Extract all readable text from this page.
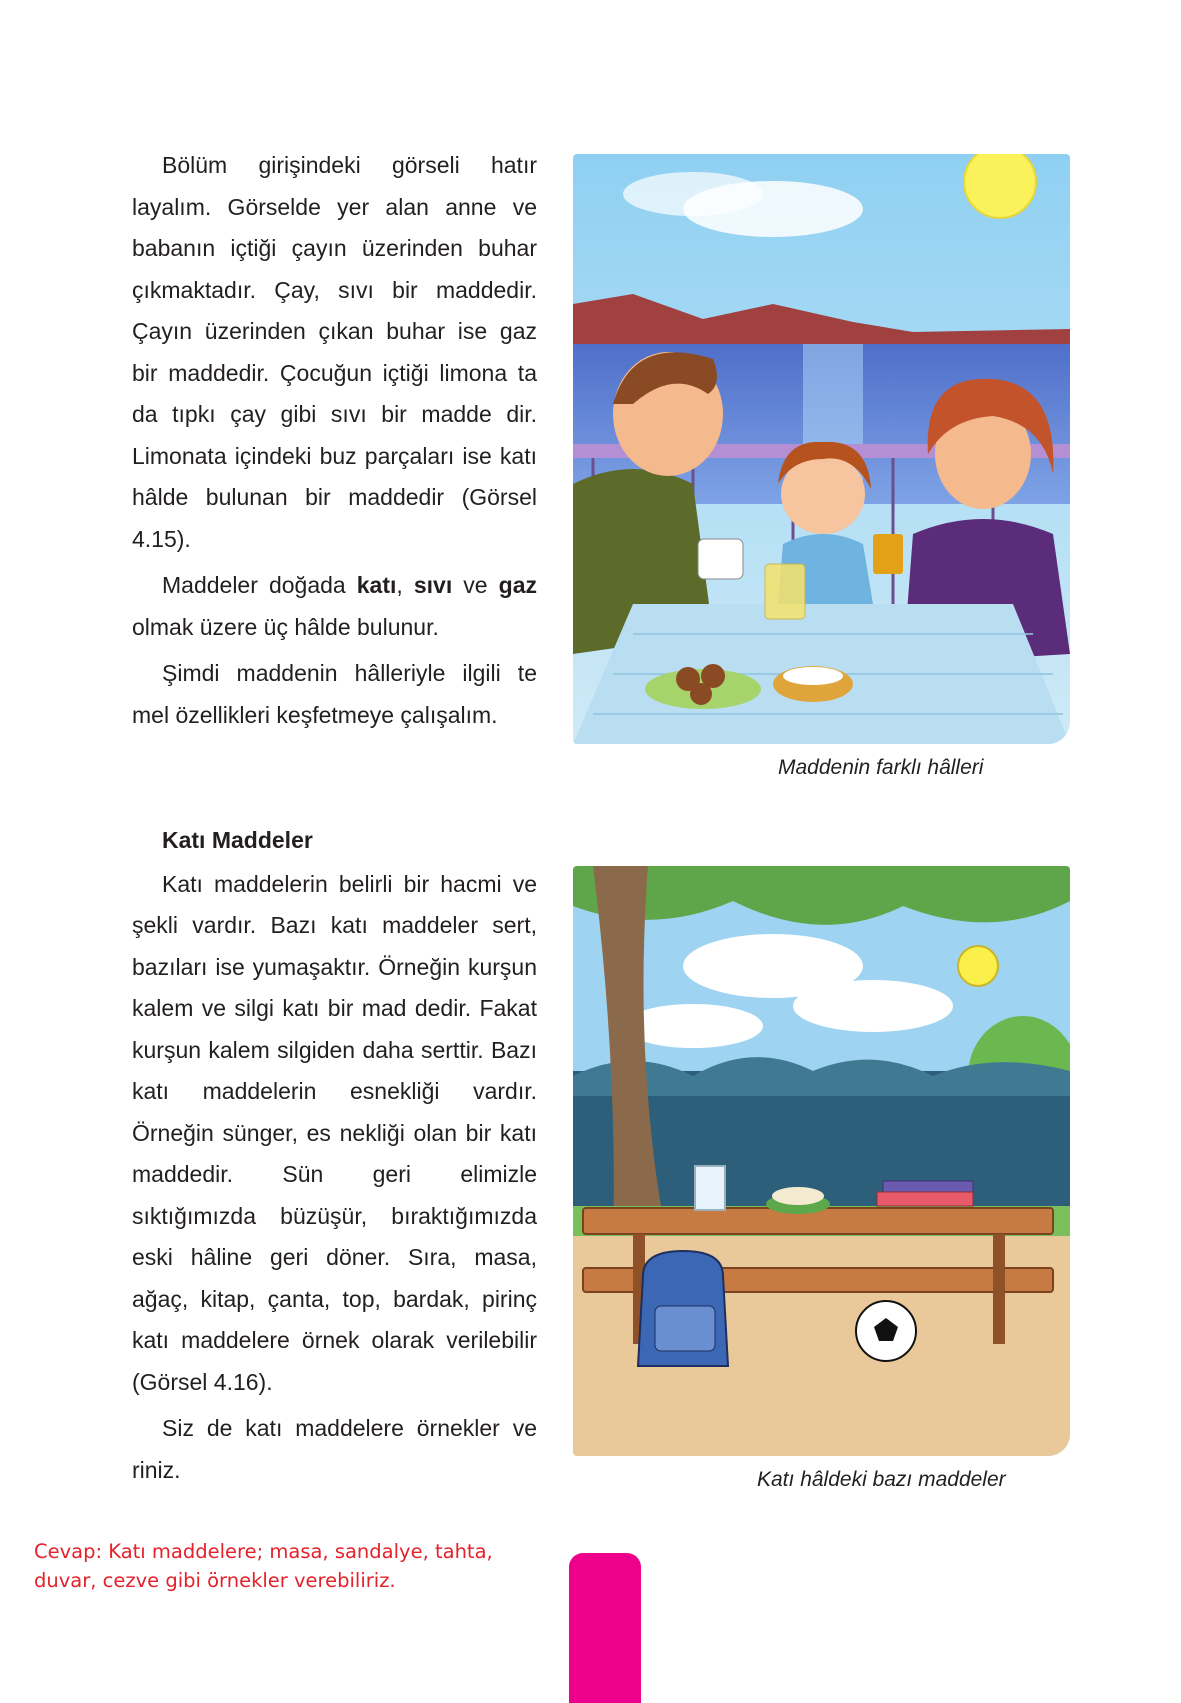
Bölüm girişindeki görseli hatır layalım. Görselde yer alan anne ve babanın içtiği çayın üzerinden buhar çıkmaktadır. Çay, sıvı bir maddedir. Çayın üzerinden çıkan buhar ise gaz bir maddedir. Çocuğun içtiği limona ta da tıpkı çay gibi sıvı bir madde dir. Limonata içindeki buz parçaları ise katı hâlde bulunan bir maddedir (Görsel 4.15).

Maddeler doğada katı, sıvı ve gaz olmak üzere üç hâlde bulunur.

Şimdi maddenin hâlleriyle ilgili te mel özellikleri keşfetmeye çalışalım.

Maddenin farklı hâlleri
Katı Maddeler

Katı maddelerin belirli bir hacmi ve şekli vardır. Bazı katı maddeler sert, bazıları ise yumaşaktır. Örneğin kurşun kalem ve silgi katı bir mad dedir. Fakat kurşun kalem silgiden daha serttir. Bazı katı maddelerin esnekliği vardır. Örneğin sünger, es nekliği olan bir katı maddedir. Sün geri elimizle sıktığımızda büzüşür, bıraktığımızda eski hâline geri döner. Sıra, masa, ağaç, kitap, çanta, top, bardak, pirinç katı maddelere örnek olarak verilebilir (Görsel 4.16).

Siz de katı maddelere örnekler ve riniz.	Katı hâldeki bazı maddeler
Cevap: Katı maddelere; masa, sandalye, tahta,
duvar, cezve gibi örnekler verebiliriz.
